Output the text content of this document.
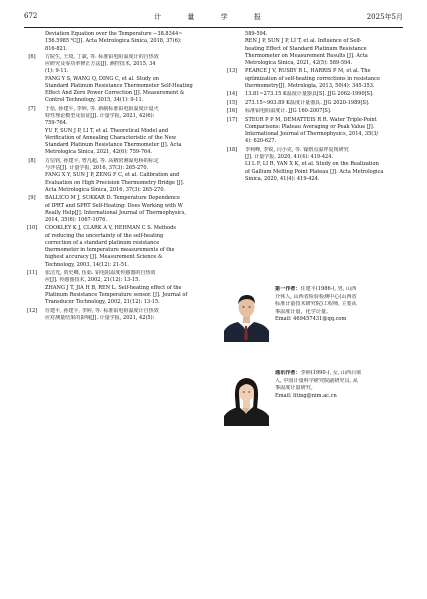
672	计 量 学 报	2025年5月
Deviation Equation over the Temperature −38.8344~
156.5985 ℃[J]. Acta Metrologica Sinica, 2018, 37(6):
816-821.
[6]	方院生, 王琦, 丁斌, 等. 标准铂电阻温度计的自热效
应研究及零功率修正方法[J]. 测控技术, 2015, 34
(1): 9-11.
FANG Y S, WANG Q, DING C, et al. Study on
Standard Platinum Resistance Thermometer Self-Heating
Effect And Zero Power Correction [J]. Measurement &
Control Technology, 2015, 34(1): 9-11.
[7]	于蓓, 孙建平, 李婷, 等. 新制标准铂电阻温度计退火
特性理论模型及验证[J]. 计量学报, 2021, 42(6):
759-764.
YU F, SUN J P, LI T, et al. Theoretical Model and
Verification of Annealing Characteristic of the New
Standard Platinum Resistance Thermometer [J]. Acta
Metrologica Sinica, 2021, 42(6): 759-764.
[8]	方信钧, 孙建平, 曾凡超, 等. 高精密测温电桥的标定
与评估[J]. 计量学报, 2016, 37(3): 265-270.
FANG X Y, SUN J P, ZENG F C, et al. Calibration and
Evaluation on High Precision Thermometry Bridge [J].
Acta Metrologica Sinica, 2016, 37(3): 265-270.
[9]	BALLICO M J, SUKKAR D. Temperature Dependence
of IPRT and SPRT Self-Heating: Does Working with W
Really Help[J]. International Journal of Thermophysics,
2014, 35(6): 1067-1076.
[10]	COOKLEY K J, CLARK A V, HEHMAN C S. Methods
of reducing the uncertainty of the self-heating
correction of a standard platinum resistance
thermometer in temperature measurements of the
highest accuracy [J]. Measurement Science &
Technology, 2003, 14(12): 21-51.
[11]	张洁光, 贾史卿, 伍茹. 铂电阻温度传感器的自热效
应[J]. 传感器技术, 2002, 21(12): 13-15.
ZHANG J T, JIA H B, REN L. Self-heating effect of the
Platinum Resistance Temperature sensor. [J]. Journal of
Transducer Technology, 2002, 21(12): 13-15.
[12]	任建平, 孙建平, 李婷, 等. 标准铂电阻温度计自热效
应对测量结果的影响[J]. 计量学报, 2021, 42(5):
589-594.
REN J P, SUN J P, LI T, et al. Influence of Self-
heating Effect of Standard Platinum Resistance
Thermometer on Measurement Results [J]. Acta
Metrologica Sinica, 2021, 42(5): 589-594.
[13]	PEARCE J V, RUSBY R L, HARRIS P M, et al. The
optimization of self-heating corrections in resistance
thermometry[J]. Metrologia, 2013, 50(4): 345-353.
[14]	13.81~273.15 K温度计量器具[S]. JJG 2062-1990[S].
[15]	273.15~903.89 K温度计量器具. JJG 2020-1989[S].
[16]	标准铂电阻温度计. JJG 160-2007[S].
[17]	STEUR P P M, DEMATTEIS R R. Water Triple-Point
Comparisons: Plateau Averaging or Peak Value [J].
International Journal of Thermophysics, 2014, 35(3/
4): 620-627.
[18]	李利峰, 李锐, 闫小克, 等. 镓熔点温坪复现研究
[J]. 计量学报, 2020, 41(4): 419-424.
LI L F, LI R, YAN X K, et al. Study on the Realization
of Gallium Melting Point Plateau [J]. Acta Metrologica
Sinica, 2020, 41(4): 419-424.
第一作者：任建平(1986-), 男, 山西
介休人, 山西省检验检测中心(山西省
标准计量技术研究院)工程师, 主要从
事温度计量、化学计量。
Email: 469457431@qq.com
通讯作者：李婷(1990-), 女, 山西吕梁
人, 中国计量科学研究院副研究员, 从
事温度计量研究。
Email: liting@nim.ac.cn
